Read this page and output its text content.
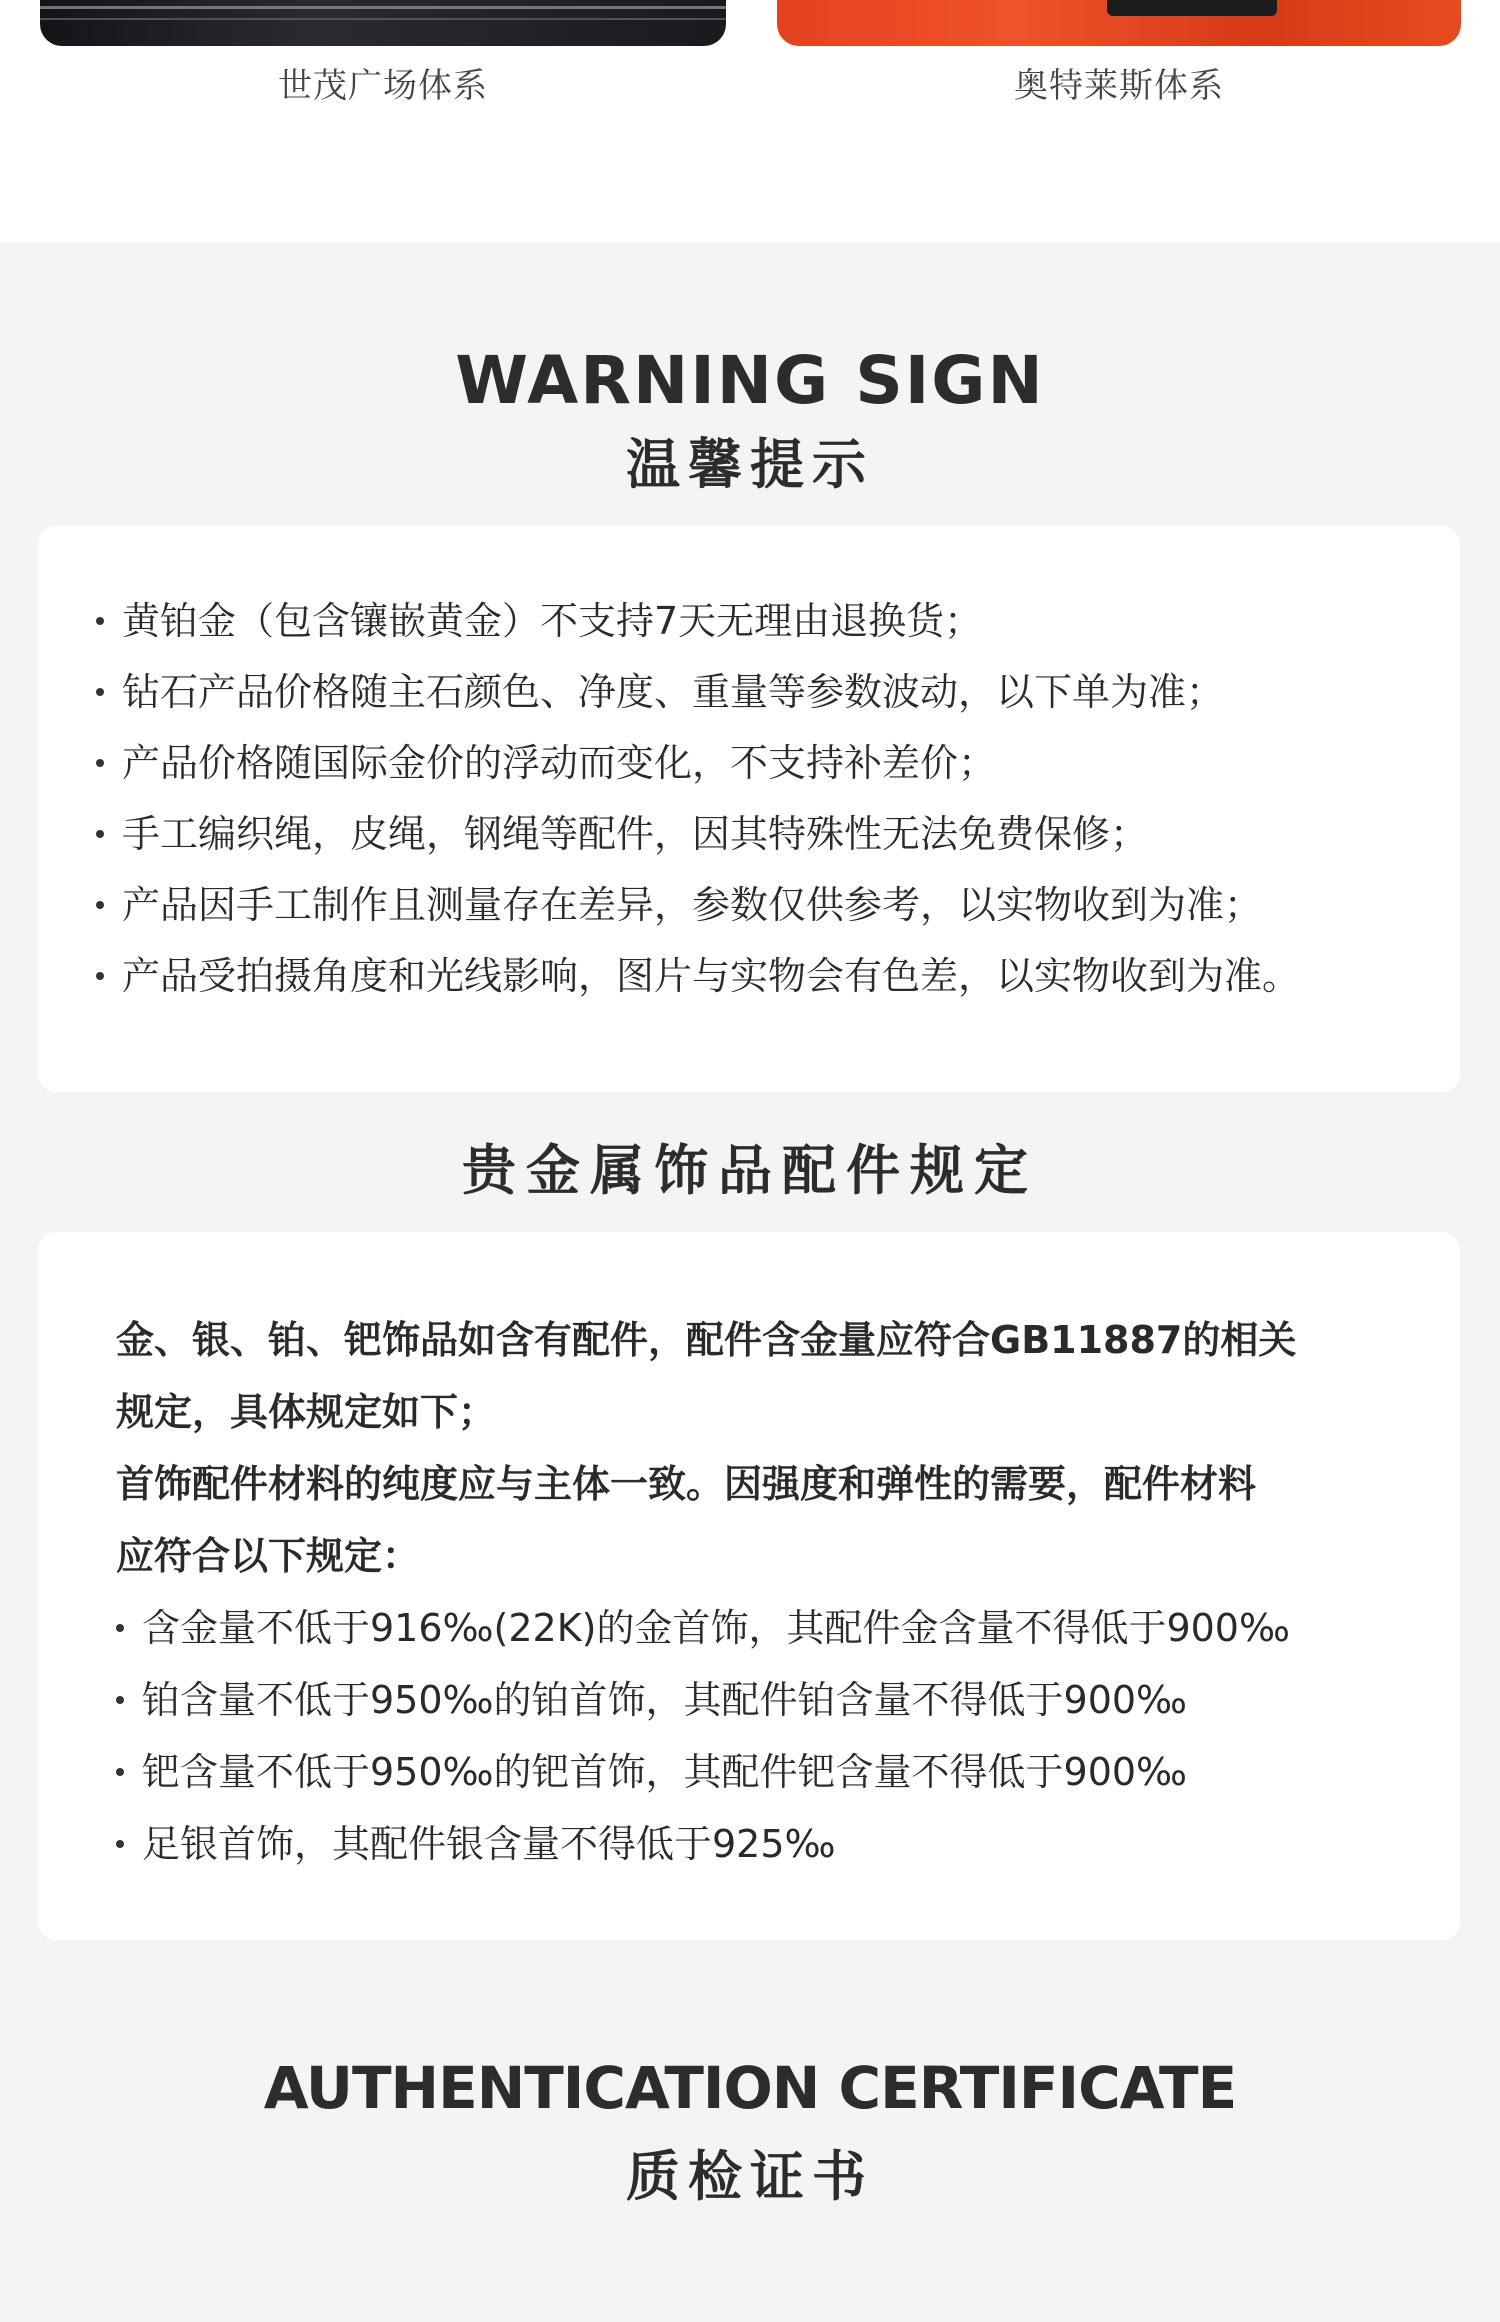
世茂广场体系	奥特莱斯体系
WARNING SIGN
温馨提示
黄铂金（包含镶嵌黄金）不支持7天无理由退换货；
钻石产品价格随主石颜色、净度、重量等参数波动，以下单为准；
产品价格随国际金价的浮动而变化，不支持补差价；
手工编织绳，皮绳，钢绳等配件，因其特殊性无法免费保修；
产品因手工制作且测量存在差异，参数仅供参考，以实物收到为准；
产品受拍摄角度和光线影响，图片与实物会有色差，以实物收到为准。
贵金属饰品配件规定

金、银、铂、钯饰品如含有配件，配件含金量应符合GB11887的相关

规定，具体规定如下；

首饰配件材料的纯度应与主体一致。因强度和弹性的需要，配件材料

应符合以下规定：

含金量不低于916‰(22K)的金首饰，其配件金含量不得低于900‰
铂含量不低于950‰的铂首饰，其配件铂含量不得低于900‰
钯含量不低于950‰的钯首饰，其配件钯含量不得低于900‰
足银首饰，其配件银含量不得低于925‰
AUTHENTICATION CERTIFICATE
质检证书
